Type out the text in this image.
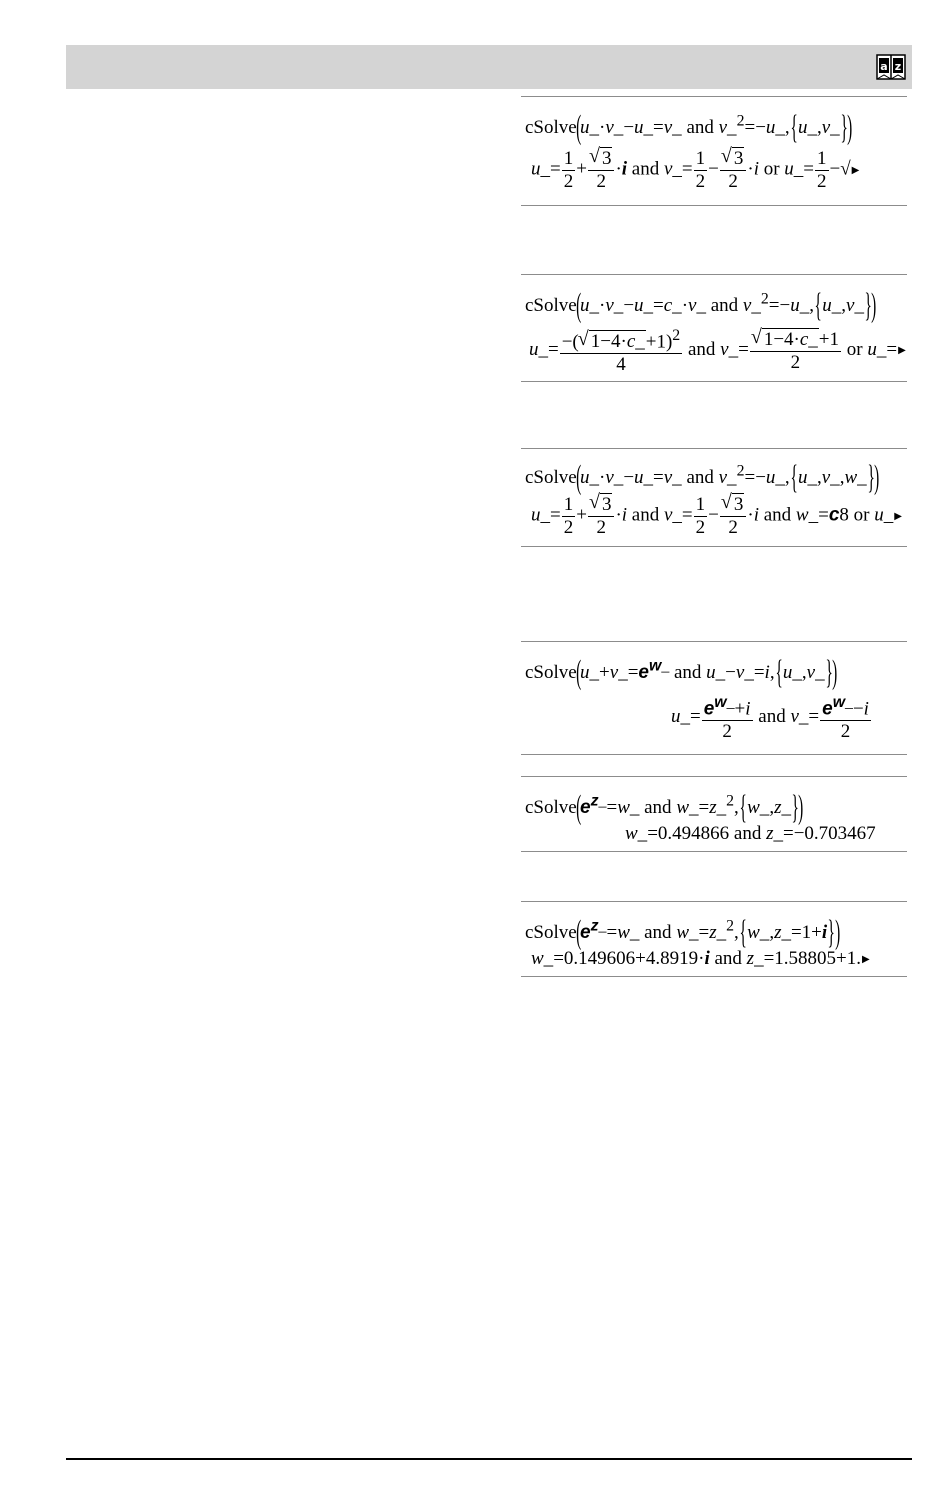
a z
cSolve(u_·v_−u_=v_ and v_$^2$=−u_,{u_,v_})
u_= $\frac{1}{2}$ + √ $\frac{3}{2} \cdot i$ and v_= $\frac{1}{2}$ − √ $\frac{3}{2} \cdot i$ or u_= $\frac{1}{2}$ −√▶
cSolve(u_·v_−u_=c_·v_ and v_$^2$=−u_,{u_,v_})
u_= $\frac{-( √ 1-4\cdot c\_+1)^2}{4}$ and v_= √ $\frac{1-4\cdot c\_+1}{2}$ or u_=▶
cSolve(u_·v_−u_=v_ and v_$^2$=−u_,{u_,v_,w_})
u_= $\frac{1}{2}$ + √ $\frac{3}{2} \cdot i$ and v_= $\frac{1}{2}$ − √ $\frac{3}{2} \cdot i$ and w_=c8 or u_▶
$cSolve(u\_+v\_=e^{w\_}$ and u_−v_=i,{u_,v_})
u_= $\frac{e^{w\_}+i}{2}$ and v_= $\frac{e^{w\_}-i}{2}$
$cSolve(e^{z\_}=w\_$ and w_=z_$^2$,{w_,z_})
w_=0.494866 and z_=−0.703467
$cSolve(e^{z\_}=w\_$ and w_=z_$^2$,{w_,z_=1+i})
w_=0.149606+4.8919·i and z_=1.58805+1.▶
